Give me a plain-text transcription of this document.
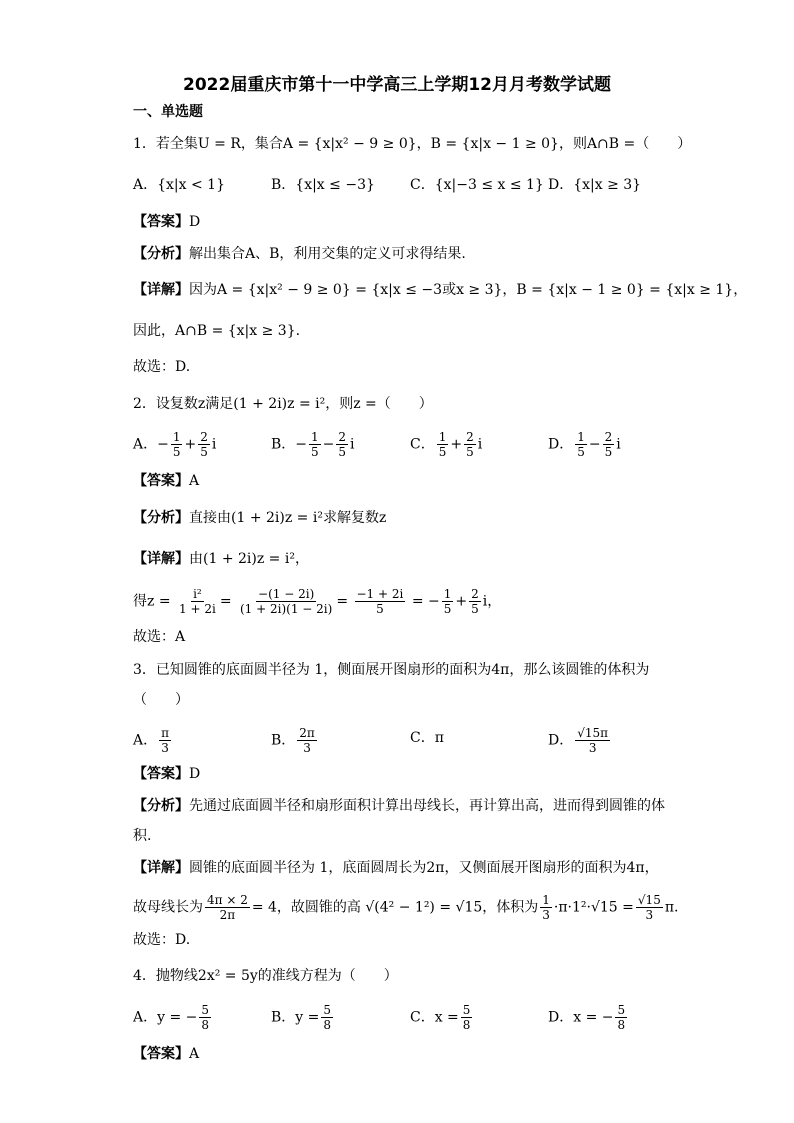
2022届重庆市第十一中学高三上学期12月月考数学试题
一、单选题
1．若全集U = R，集合A = {x|x² − 9 ≥ 0}，B = {x|x − 1 ≥ 0}，则A∩B =（　　）
A．{x|x < 1}	B．{x|x ≤ −3}	C．{x|−3 ≤ x ≤ 1} D．{x|x ≥ 3}
【答案】D
【分析】解出集合A、B，利用交集的定义可求得结果.
【详解】因为A = {x|x² − 9 ≥ 0} = {x|x ≤ −3或x ≥ 3}，B = {x|x − 1 ≥ 0} = {x|x ≥ 1}，
因此，A∩B = {x|x ≥ 3}.
故选：D.
2．设复数z满足(1 + 2i)z = i²，则z =（　　）
A．− $\frac{1}{5} + \frac{2}{5}$ i	B．− $\frac{1}{5} - \frac{2}{5}$ i	C． $\frac{1}{5} + \frac{2}{5}$ i	D． $\frac{1}{5} - \frac{2}{5}$ i
【答案】A
【分析】直接由(1 + 2i)z = i²求解复数z
【详解】由(1 + 2i)z = i²，
得$z = \frac{\text{i²}}{1 + 2i} = \frac{-(1 - 2i)}{(1 + 2i)(1 - 2i)} = \frac{-1 + 2i}{5}$ = − $\frac{1}{5} + \frac{2}{5}$ i，
故选：A
3．已知圆锥的底面圆半径为 1，侧面展开图扇形的面积为4π，那么该圆锥的体积为
（　　）
A． $\frac{\pi}{3}$	B． $\frac{2\pi}{3}$	C．π	D． $\frac{√15\pi}{3}$
【答案】D
【分析】先通过底面圆半径和扇形面积计算出母线长，再计算出高，进而得到圆锥的体
积.
【详解】圆锥的底面圆半径为 1，底面圆周长为2π，又侧面展开图扇形的面积为4π，
故母线长为 $\frac{4\pi \times 2}{2\pi} = 4$，故圆锥的高 √(4² − 1²) = √15，体积为 $\frac{1}{3} \cdot\pi\cdot 1^2\cdot√15 = \frac{√15}{3} \pi$.
故选：D.
4．抛物线2x² = 5y的准线方程为（　　）
A．y = − $\frac{5}{8}$	B．$y = \frac{5}{8}$	C．$x = \frac{5}{8}$	D．x = − $\frac{5}{8}$
【答案】A
